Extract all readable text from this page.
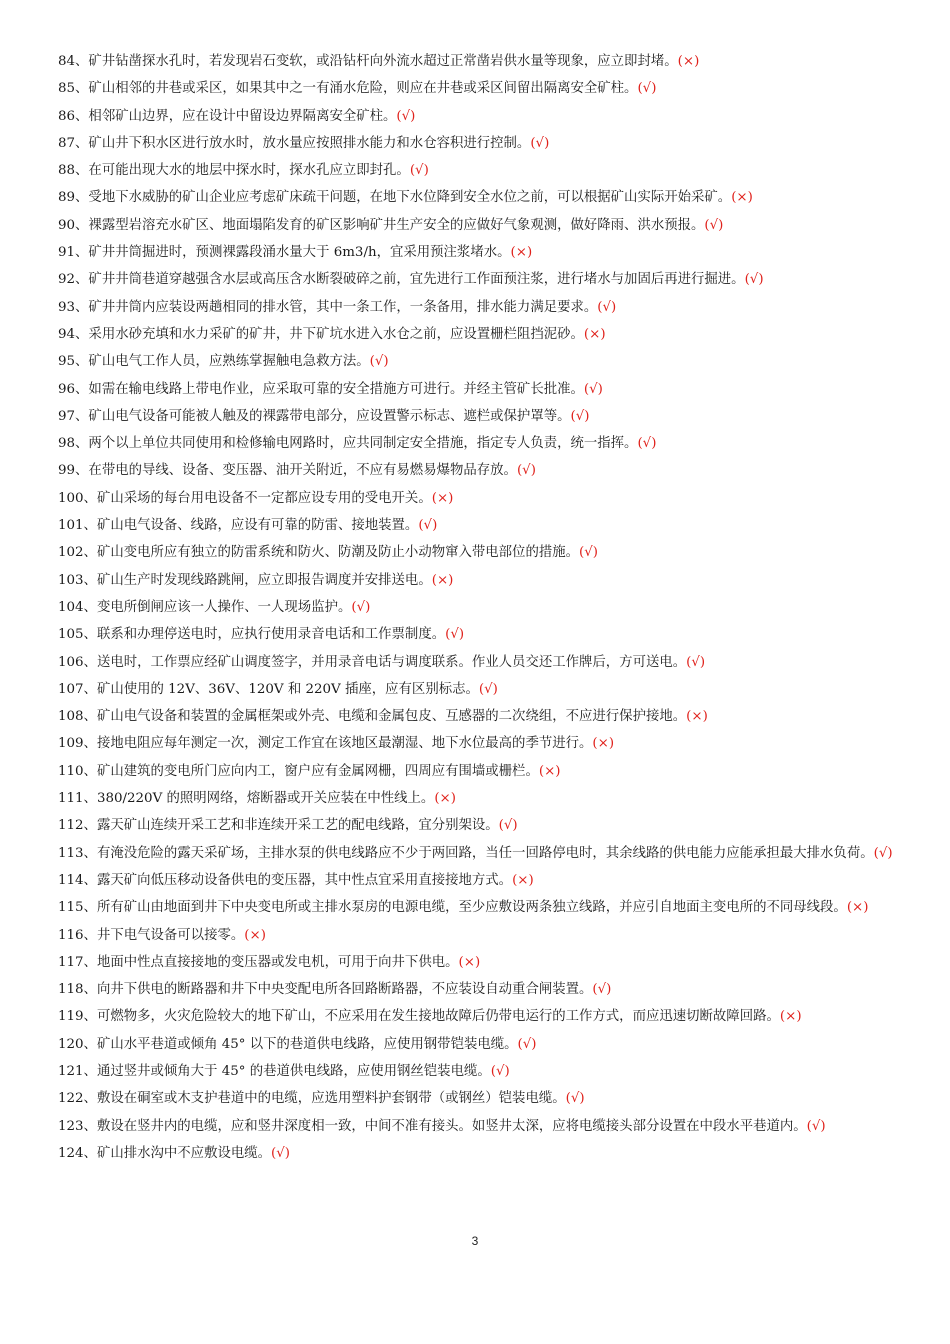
84、矿井钻凿探水孔时，若发现岩石变软，或沿钻杆向外流水超过正常凿岩供水量等现象，应立即封堵。(×)
85、矿山相邻的井巷或采区，如果其中之一有涌水危险，则应在井巷或采区间留出隔离安全矿柱。(√)
86、相邻矿山边界，应在设计中留设边界隔离安全矿柱。(√)
87、矿山井下积水区进行放水时，放水量应按照排水能力和水仓容积进行控制。(√)
88、在可能出现大水的地层中探水时，探水孔应立即封孔。(√)
89、受地下水威胁的矿山企业应考虑矿床疏干问题，在地下水位降到安全水位之前，可以根据矿山实际开始采矿。(×)
90、裸露型岩溶充水矿区、地面塌陷发育的矿区影响矿井生产安全的应做好气象观测，做好降雨、洪水预报。(√)
91、矿井井筒掘进时，预测裸露段涌水量大于 6m3/h，宜采用预注浆堵水。(×)
92、矿井井筒巷道穿越强含水层或高压含水断裂破碎之前，宜先进行工作面预注浆，进行堵水与加固后再进行掘进。(√)
93、矿井井筒内应装设两趟相同的排水管，其中一条工作，一条备用，排水能力满足要求。(√)
94、采用水砂充填和水力采矿的矿井，井下矿坑水进入水仓之前，应设置栅栏阻挡泥砂。(×)
95、矿山电气工作人员，应熟练掌握触电急救方法。(√)
96、如需在输电线路上带电作业，应采取可靠的安全措施方可进行。并经主管矿长批准。(√)
97、矿山电气设备可能被人触及的裸露带电部分，应设置警示标志、遮栏或保护罩等。(√)
98、两个以上单位共同使用和检修输电网路时，应共同制定安全措施，指定专人负责，统一指挥。(√)
99、在带电的导线、设备、变压器、油开关附近，不应有易燃易爆物品存放。(√)
100、矿山采场的每台用电设备不一定都应设专用的受电开关。(×)
101、矿山电气设备、线路，应设有可靠的防雷、接地装置。(√)
102、矿山变电所应有独立的防雷系统和防火、防潮及防止小动物窜入带电部位的措施。(√)
103、矿山生产时发现线路跳闸，应立即报告调度并安排送电。(×)
104、变电所倒闸应该一人操作、一人现场监护。(√)
105、联系和办理停送电时，应执行使用录音电话和工作票制度。(√)
106、送电时，工作票应经矿山调度签字，并用录音电话与调度联系。作业人员交还工作牌后，方可送电。(√)
107、矿山使用的 12V、36V、120V 和 220V 插座，应有区别标志。(√)
108、矿山电气设备和装置的金属框架或外壳、电缆和金属包皮、互感器的二次绕组，不应进行保护接地。(×)
109、接地电阻应每年测定一次，测定工作宜在该地区最潮湿、地下水位最高的季节进行。(×)
110、矿山建筑的变电所门应向内工，窗户应有金属网栅，四周应有围墙或栅栏。(×)
111、380/220V 的照明网络，熔断器或开关应装在中性线上。(×)
112、露天矿山连续开采工艺和非连续开采工艺的配电线路，宜分别架设。(√)
113、有淹没危险的露天采矿场，主排水泵的供电线路应不少于两回路，当任一回路停电时，其余线路的供电能力应能承担最大排水负荷。(√)
114、露天矿向低压移动设备供电的变压器，其中性点宜采用直接接地方式。(×)
115、所有矿山由地面到井下中央变电所或主排水泵房的电源电缆，至少应敷设两条独立线路，并应引自地面主变电所的不同母线段。(×)
116、井下电气设备可以接零。(×)
117、地面中性点直接接地的变压器或发电机，可用于向井下供电。(×)
118、向井下供电的断路器和井下中央变配电所各回路断路器，不应装设自动重合闸装置。(√)
119、可燃物多，火灾危险较大的地下矿山，不应采用在发生接地故障后仍带电运行的工作方式，而应迅速切断故障回路。(×)
120、矿山水平巷道或倾角 45° 以下的巷道供电线路，应使用钢带铠装电缆。(√)
121、通过竖井或倾角大于 45° 的巷道供电线路，应使用钢丝铠装电缆。(√)
122、敷设在硐室或木支护巷道中的电缆，应选用塑料护套钢带（或钢丝）铠装电缆。(√)
123、敷设在竖井内的电缆，应和竖井深度相一致，中间不准有接头。如竖井太深，应将电缆接头部分设置在中段水平巷道内。(√)
124、矿山排水沟中不应敷设电缆。(√)
3
